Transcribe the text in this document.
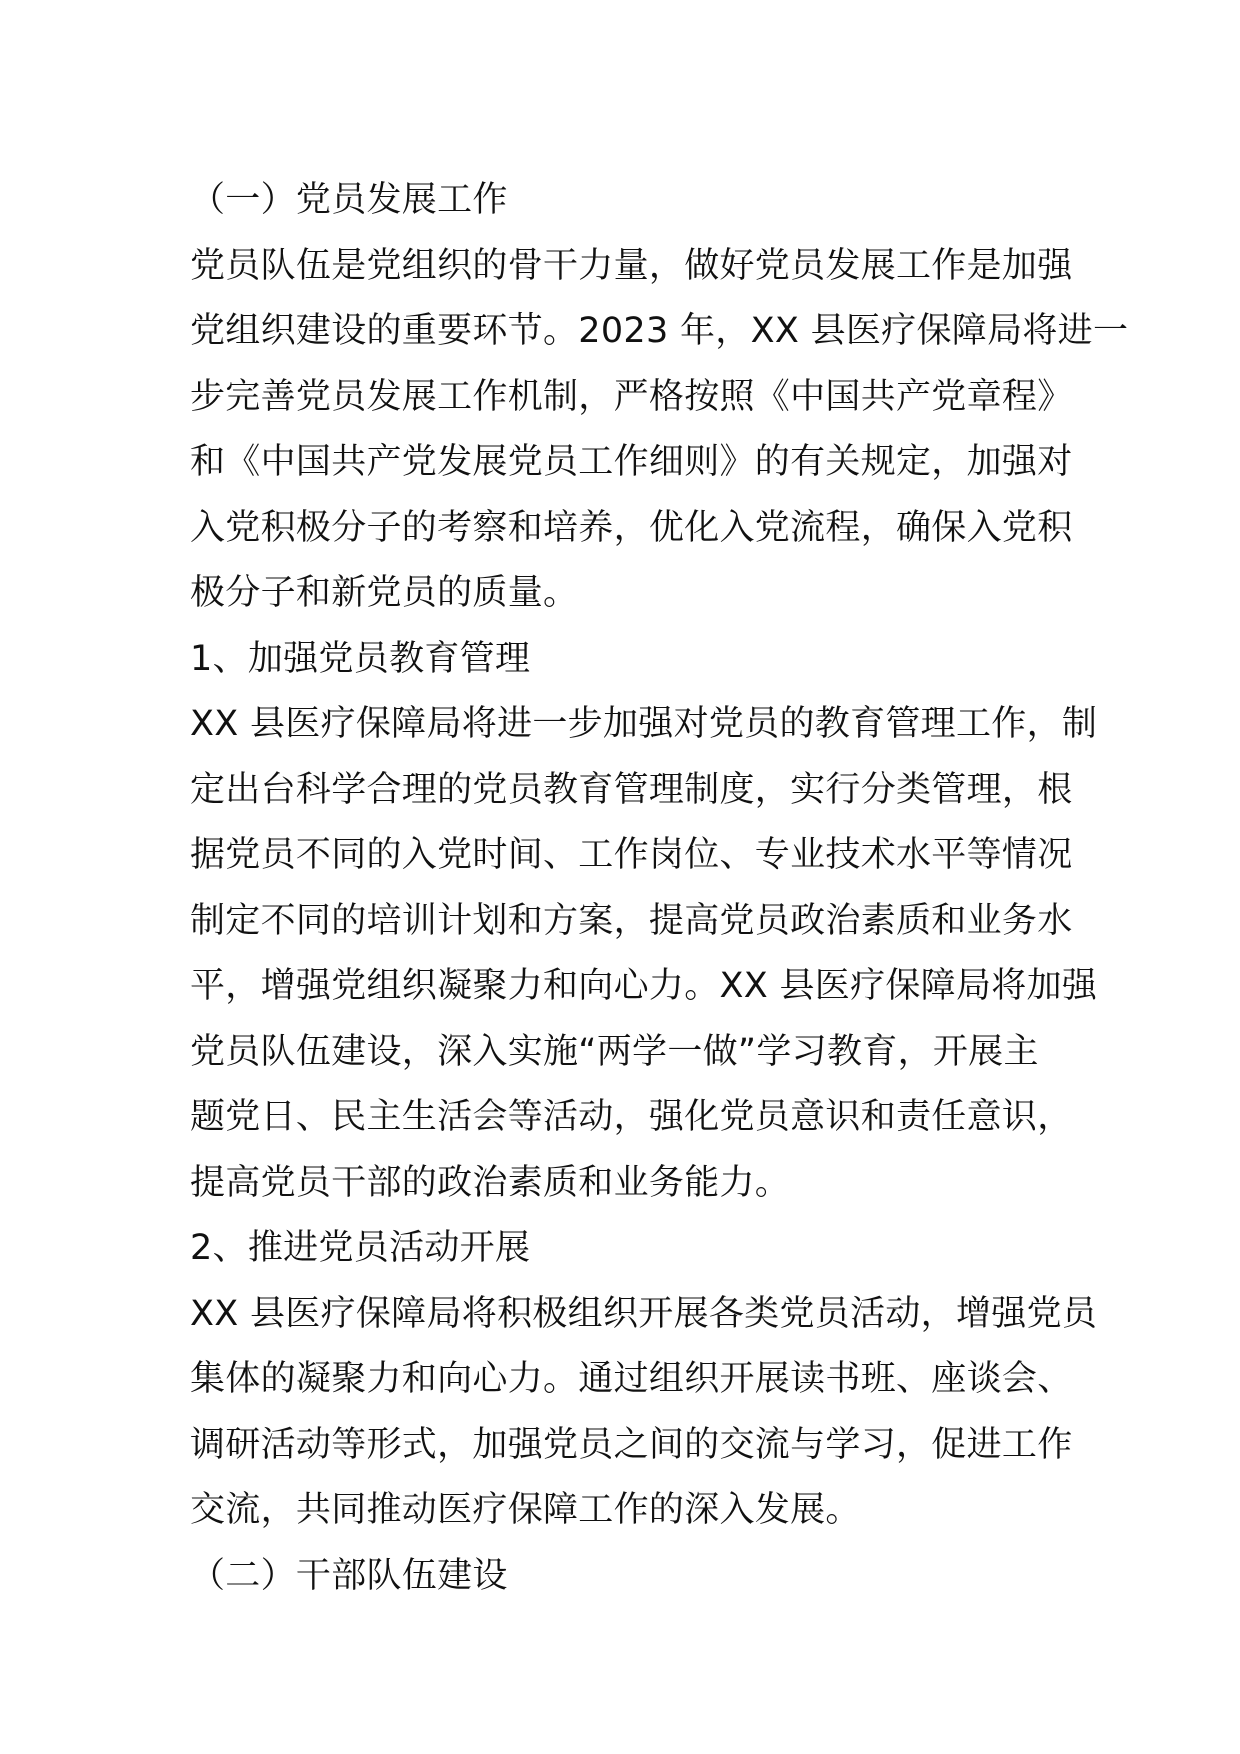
（一）党员发展工作
党员队伍是党组织的骨干力量，做好党员发展工作是加强
党组织建设的重要环节。2023 年，XX 县医疗保障局将进一
步完善党员发展工作机制，严格按照《中国共产党章程》
和《中国共产党发展党员工作细则》的有关规定，加强对
入党积极分子的考察和培养，优化入党流程，确保入党积
极分子和新党员的质量。
1、加强党员教育管理
XX 县医疗保障局将进一步加强对党员的教育管理工作，制
定出台科学合理的党员教育管理制度，实行分类管理，根
据党员不同的入党时间、工作岗位、专业技术水平等情况
制定不同的培训计划和方案，提高党员政治素质和业务水
平，增强党组织凝聚力和向心力。XX 县医疗保障局将加强
党员队伍建设，深入实施“两学一做”学习教育，开展主
题党日、民主生活会等活动，强化党员意识和责任意识，
提高党员干部的政治素质和业务能力。
2、推进党员活动开展
XX 县医疗保障局将积极组织开展各类党员活动，增强党员
集体的凝聚力和向心力。通过组织开展读书班、座谈会、
调研活动等形式，加强党员之间的交流与学习，促进工作
交流，共同推动医疗保障工作的深入发展。
（二）干部队伍建设
